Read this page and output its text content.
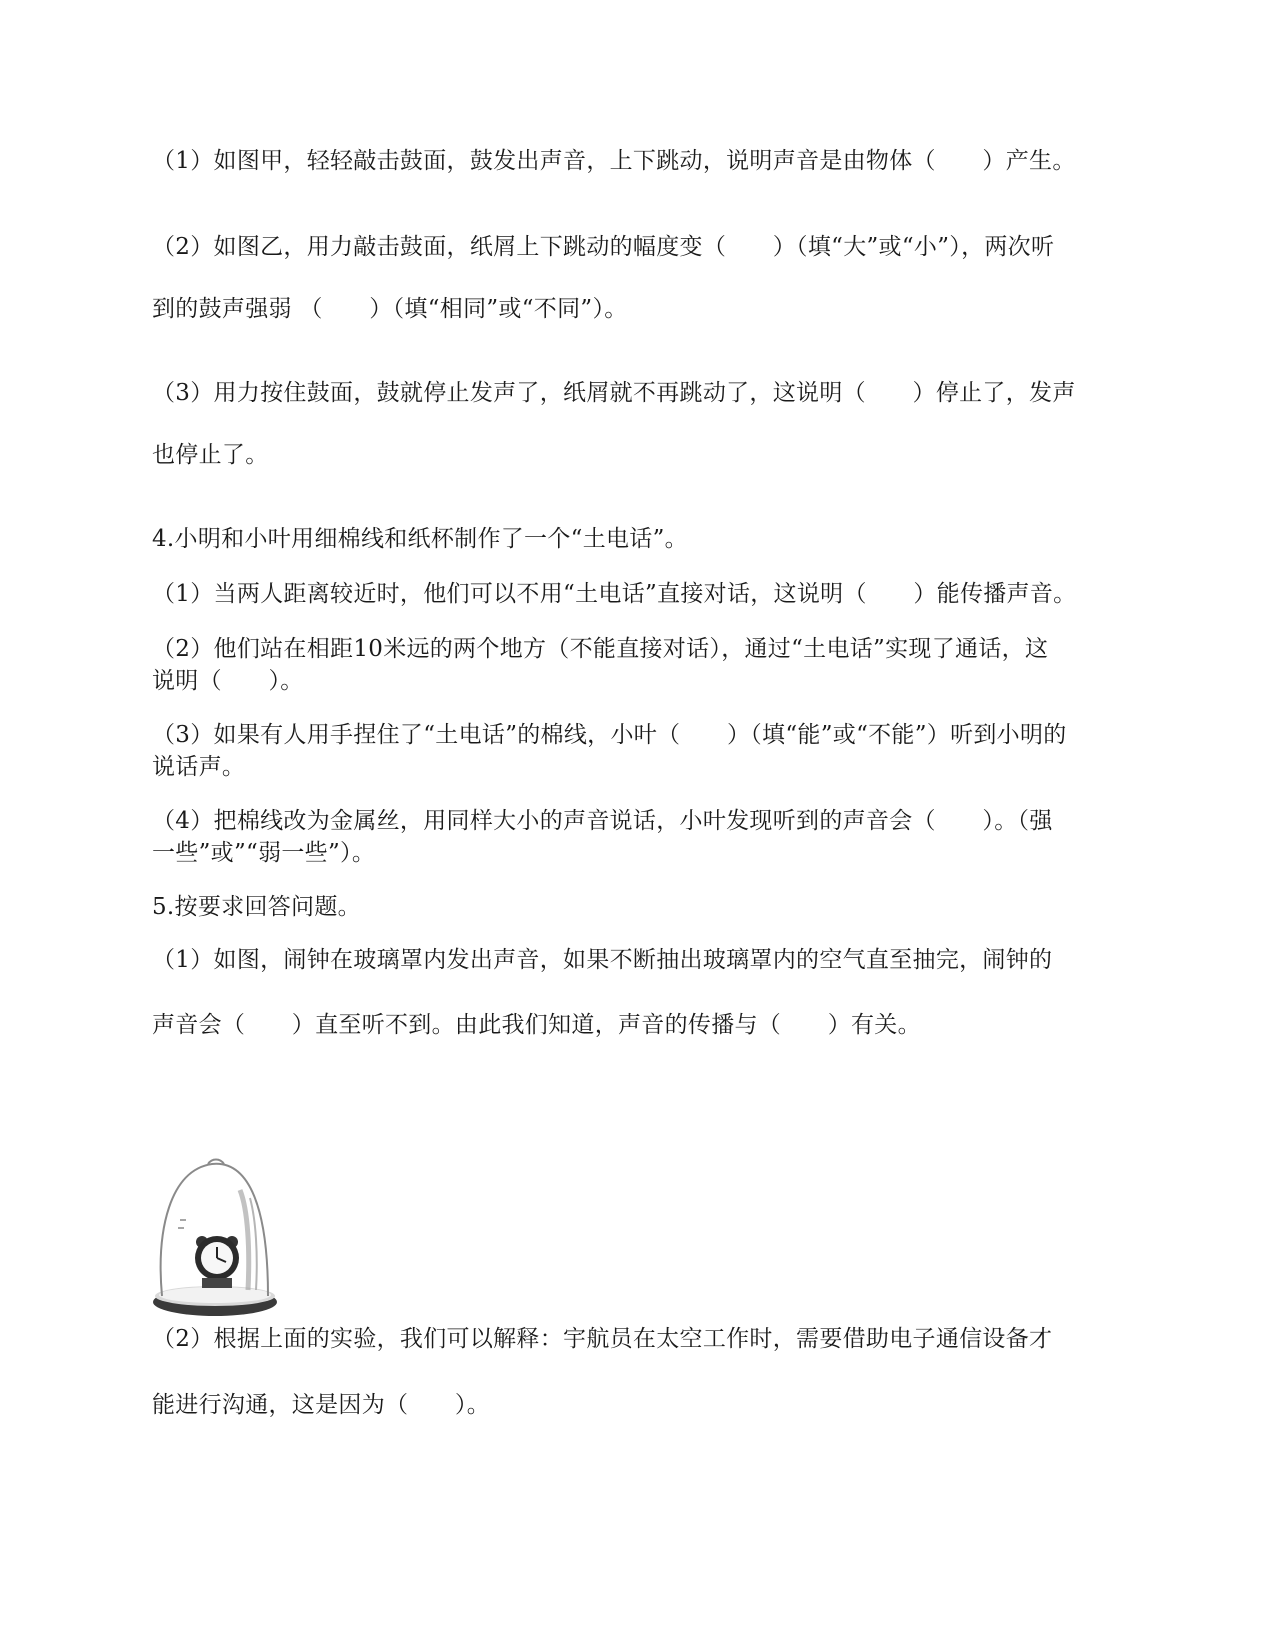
（1）如图甲，轻轻敲击鼓面，鼓发出声音，上下跳动，说明声音是由物体（　　）产生。
（2）如图乙，用力敲击鼓面，纸屑上下跳动的幅度变（　　）（填“大”或“小”），两次听
到的鼓声强弱 （　　）（填“相同”或“不同”）。
（3）用力按住鼓面，鼓就停止发声了，纸屑就不再跳动了，这说明（　　）停止了，发声
也停止了。
4.小明和小叶用细棉线和纸杯制作了一个“土电话”。
（1）当两人距离较近时，他们可以不用“土电话”直接对话，这说明（　　）能传播声音。
（2）他们站在相距10米远的两个地方（不能直接对话），通过“土电话”实现了通话，这
说明（　　）。
（3）如果有人用手捏住了“土电话”的棉线，小叶（　　）（填“能”或“不能”）听到小明的
说话声。
（4）把棉线改为金属丝，用同样大小的声音说话，小叶发现听到的声音会（　　）。（强
一些”或”“弱一些”）。
5.按要求回答问题。
（1）如图，闹钟在玻璃罩内发出声音，如果不断抽出玻璃罩内的空气直至抽完，闹钟的
声音会（　　）直至听不到。由此我们知道，声音的传播与（　　）有关。
（2）根据上面的实验，我们可以解释：宇航员在太空工作时，需要借助电子通信设备才
能进行沟通，这是因为（　　）。
